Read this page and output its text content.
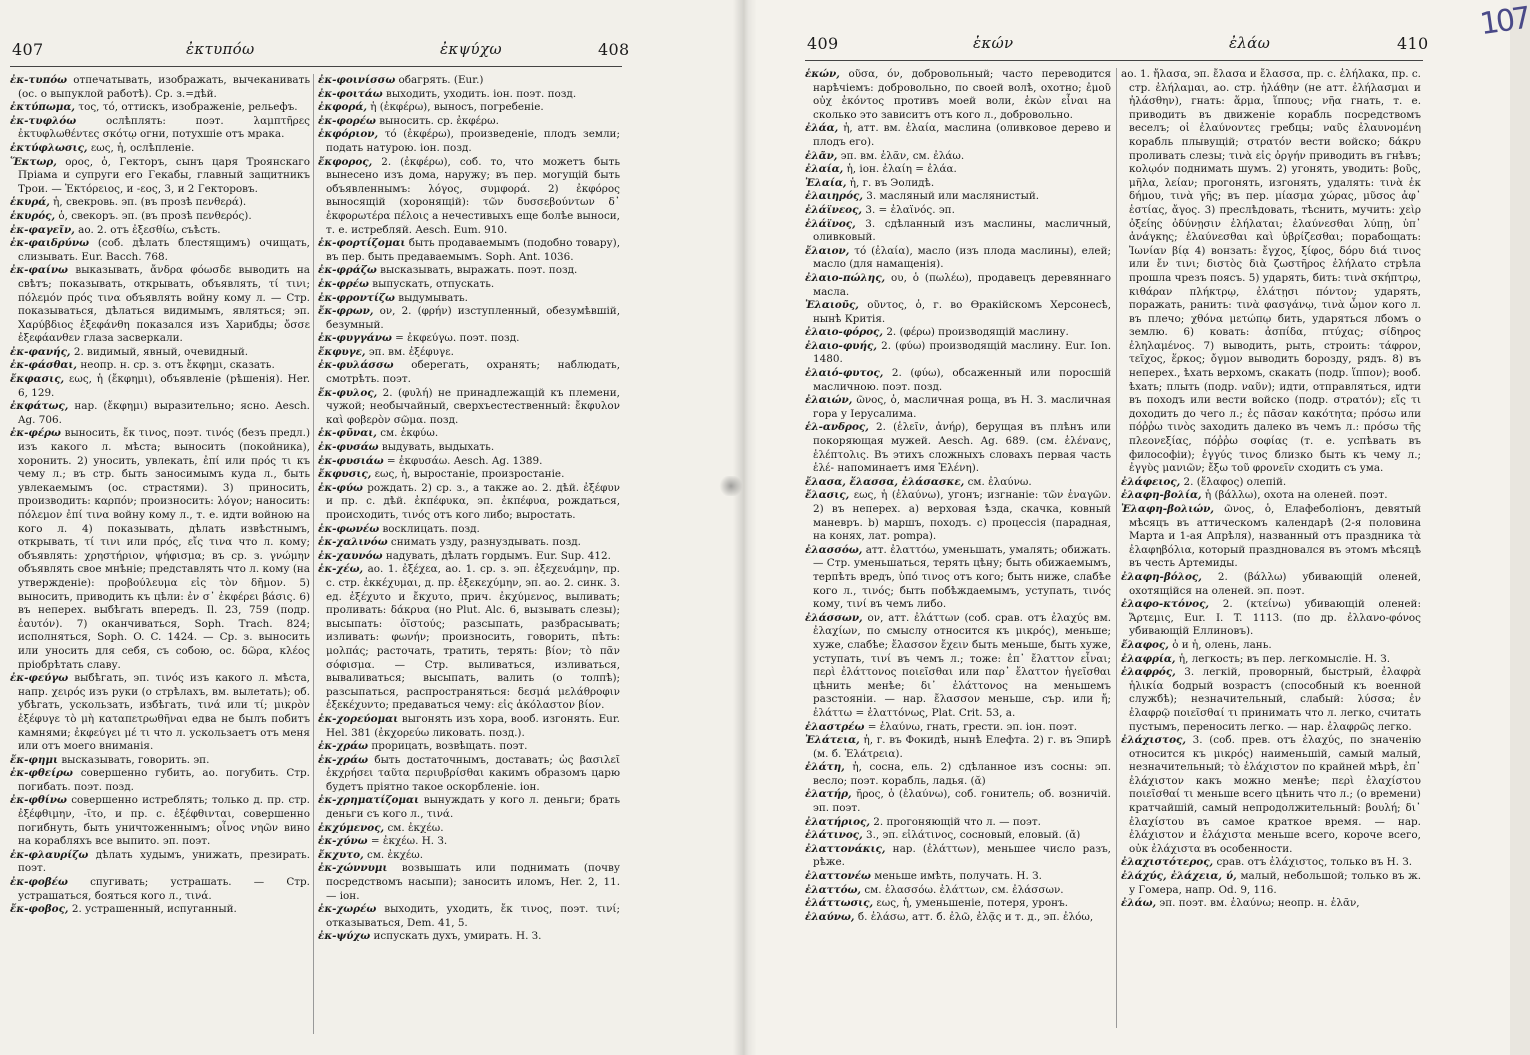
407	ἐκτυπόω	ἐκψύχω	408

ἐκ-τυπόω отпечатывать, изображать, вычеканивать (ос. о выпуклой работѣ). Ср. з.=дѣй.

ἐκτύπωμα, τος, τό, оттискъ, изображеніе, рельефъ.

ἐκ-τυφλόω	ослѣплять: поэт. λαμπτῆρες ἐκτυφλωθέντες σκότῳ огни, потухшіе отъ мрака.

ἐκτύφλωσις, εως, ἡ, ослѣпленіе.

Ἕκτωρ, ορος, ὁ, Гекторъ, сынъ царя Троянскаго Пріама и супруги его Гекабы, главный защитникъ Трои. — Ἑκτόρειος, и -εος, 3, и 2 Гекторовъ.

ἑκυρά, ἡ, свекровь. эп. (въ прозѣ πενθερά).

ἑκυρός, ὁ, свекоръ. эп. (въ прозѣ πενθερός).

ἐκ-φαγεῖν, ao. 2. отъ ἐξεσθίω, съѣсть.

ἐκ-φαιδρύνω (соб. дѣлать блестящимъ) очищать, слизывать. Eur. Bacch. 768.

ἐκ-φαίνω выказывать, ἄνδρα φόωσδε выводить на свѣтъ; показывать, открывать, объявлять, τί τινι; πόλεμόν πρός τινα объявлять войну кому л. — Стр. показываться, дѣлаться видимымъ, являться; эп. Χαρύβδιος ἐξεφάνθη показался изъ Харибды; ὄσσε ἐξεφάανθεν глаза засверкали.

ἐκ-φανής, 2. видимый, явный, очевидный.

ἐκ-φάσθαι, неопр. н. ср. з. отъ ἔκφημι, сказать.

ἔκφασις, εως, ἡ (ἔκφημι), объявленіе (рѣшенія). Her. 6, 129.

ἐκφάτως, нар. (ἔκφημι) выразительно; ясно. Aesch. Ag. 706.

ἐκ-φέρω выносить, ἔκ τινος, поэт. τινός (безъ предл.) изъ какого л. мѣста; выносить (покойника), хоронить. 2) уносить, увлекать, ἐπί или πρός τι къ чему л.; въ стр. быть заносимымъ куда л., быть увлекаемымъ (ос. страстями). 3) приносить, производить: καρπόν; произносить: λόγον; наносить: πόλεμον ἐπί τινα войну кому л., т. е. идти войною на кого л. 4) показывать, дѣлать извѣстнымъ, открывать, τί τινι или πρός, εἴς τινα что л. кому; объявлять: χρηστήριον, ψήφισμα; въ ср. з. γνώμην объявлять свое мнѣніе; представлять что л. кому (на утвержденіе): προβούλευμα εἰς τὸν δῆμον. 5) выносить, приводить къ цѣли: ἐν σ᾽ ἐκφέρει βάσις. 6) въ непереx. выбѣгать впередъ. Il. 23, 759 (подр. ἑαυτόν). 7) оканчиваться, Soph. Trach. 824; исполняться, Soph. O. C. 1424. — Ср. з. выносить или уносить для себя, съ собою, ос. δῶρα, κλέος пріобрѣтать славу.

ἐκ-φεύγω выбѣгать, эп. τινός изъ какого л. мѣста, напр. χειρός изъ руки (о стрѣлахъ, вм. вылетать); об. убѣгать, ускользать, избѣгать, τινά или τί; μικρὸν ἐξέφυγε τὸ μὴ καταπετρωθῆναι едва не былъ побитъ камнями; ἐκφεύγει μέ τι что л. ускользаетъ отъ меня или отъ моего вниманія.

ἔκ-φημι высказывать, говорить. эп.

ἐκ-φθείρω совершенно губить, ао. погубить. Стр. погибать. поэт. позд.

ἐκ-φθίνω совершенно истреблять; только д. пр. стр. ἐξέφθιμην, -ῖτο, и пр. с. ἐξέφθινται, совершенно погибнуть, быть уничтоженнымъ; οἶνος νηῶν вино на корабляхъ все выпито. эп. поэт.

ἐκ-φλαυρίζω дѣлать худымъ, унижать, презирать. поэт.

ἐκ-φοβέω спугивать; устрашать. — Стр. устрашаться, бояться кого л., τινά.

ἔκ-φοβος, 2. устрашенный, испуганный.

ἐκ-φοινίσσω обагрять. (Eur.)

ἐκ-φοιτάω выходить, уходить. іон. поэт. позд.

ἐκφορά, ἡ (ἐκφέρω), выносъ, погребеніе.

ἐκ-φορέω выносить. ср. ἐκφέρω.

ἐκφόριον, τό (ἐκφέρω), произведеніе, плодъ земли; подать натурою. іон. позд.

ἔκφορος, 2. (ἐκφέρω), соб. то, что можетъ быть вынесено изъ дома, наружу; въ пер. могущій быть объявленнымъ: λόγος, συμφορά. 2) ἐκφόρος выносящій (хоронящій): τῶν δυσσεβούντων δ᾽ ἐκφορωτέρα πέλοις а нечестивыхъ еще болѣе выноси, т. е. истребляй. Aesch. Eum. 910.

ἐκ-φορτίζομαι быть продаваемымъ (подобно товару), въ пер. быть предаваемымъ. Soph. Ant. 1036.

ἐκ-φράζω высказывать, выражать. поэт. позд.

ἐκ-φρέω выпускать, отпускать.

ἐκ-φροντίζω выдумывать.

ἔκ-φρων, ον, 2. (φρήν) изступленный, обезумѣвшій, безумный.

ἐκ-φυγγάνω = ἐκφεύγω. поэт. позд.

ἔκφυγε, эп. вм. ἐξέφυγε.

ἐκ-φυλάσσω оберегать, охранять; наблюдать, смотрѣть. поэт.

ἔκ-φυλος, 2. (φυλή) не принадлежащій къ племени, чужой; необычайный, сверхъестественный: ἔκφυλον καὶ φοβερὸν σῶμα. позд.

ἐκ-φῦναι, см. ἐκφύω.

ἐκ-φυσάω выдувать, выдыхать.

ἐκ-φυσιάω = ἐκφυσάω. Aesch. Ag. 1389.

ἔκφυσις, εως, ἡ, выростаніе, произростаніе.

ἐκ-φύω рождать. 2) ср. з., а также ао. 2. дѣй. ἐξέφυν и пр. с. дѣй. ἐκπέφυκα, эп. ἐκπέφυα, рождаться, происходить, τινός отъ кого либо; выростать.

ἐκ-φωνέω восклицать. позд.

ἐκ-χαλινόω снимать узду, разнуздывать. позд.

ἐκ-χαυνόω надувать, дѣлать гордымъ. Eur. Sup. 412.

ἐκ-χέω, ао. 1. ἐξέχεα, ао. 1. ср. з. эп. ἐξεχευάμην, пр. с. стр. ἐκκέχυμαι, д. пр. ἐξεκεχύμην, эп. ао. 2. синк. 3. ед. ἐξέχυτο и ἔκχυτο, прич. ἐκχύμενος, выливать; проливать: δάκρυα (но Plut. Alc. 6, вызывать слезы); высыпать: ὀϊστούς; разсыпать, разбрасывать; изливать: φωνήν; произносить, говорить, пѣть: μολπάς; расточать, тратить, терять: βίον; τὸ πᾶν σόφισμα. — Стр. выливаться, изливаться, вываливаться; высыпать, валить (о толпѣ); разсыпаться, распространяться: δεσμά μελάθροφιν ἐξεκέχυντο; предаваться чему: εἰς ἀκόλαστον βίον.

ἐκ-χορεύομαι выгонять изъ хора, вооб. изгонять. Eur. Hel. 381 (ἐκχορεύω ликовать. позд.).

ἐκ-χράω прорицать, возвѣщать. поэт.

ἐκ-χράω быть достаточнымъ, доставать; ὡς βασιλεῖ ἐκχρήσει ταῦτα περιυβρίσθαι какимъ образомъ царю будетъ пріятно такое оскорбленіе. іон.

ἐκ-χρηματίζομαι вынуждать у кого л. деньги; брать деньги съ кого л., τινά.

ἐκχύμενος, см. ἐκχέω.

ἐκ-χύνω = ἐκχέω. Н. З.

ἔκχυτο, см. ἐκχέω.

ἐκ-χώννυμι возвышать или поднимать (почву посредствомъ насыпи); заносить иломъ, Her. 2, 11. — іон.

ἐκ-χωρέω выходить, уходить, ἔκ τινος, поэт. τινί; отказываться, Dem. 41, 5.

ἐκ-ψύχω испускать духъ, умирать. Н. З.

409	ἑκών	ἐλάω	410

ἑκών, οῦσα, όν, добровольный; часто переводится нарѣчіемъ: добровольно, по своей волѣ, охотно; ἐμοῦ οὐχ ἑκόντος противъ моей воли, ἑκὼν εἶναι на сколько это зависитъ отъ кого л., добровольно.

ἐλάα, ἡ, атт. вм. ἐλαία, маслина (оливковое дерево и плодъ его).

ἐλᾶν, эп. вм. ἐλᾶν, см. ἐλάω.

ἐλαία, ἡ, іон. ἐλαίη = ἐλάα.

Ἐλαία, ἡ, г. въ Эолидѣ.

ἐλαιηρός, 3. масляный или маслянистый.

ἐλάϊνεος, 3. = ἐλαϊνός. эп.

ἐλάϊνος, 3. сдѣланный изъ маслины, масличный, оливковый.

ἔλαιον, τό (ἐλαία), масло (изъ плода маслины), елей; масло (для намащенія).

ἐλαιο-πώλης, ου, ὁ (πωλέω), продавецъ деревяннаго масла.

Ἐλαιοῦς, οῦντος, ὁ, г. во Ѳракійскомъ Херсонесѣ, нынѣ Критія.

ἐλαιο-φόρος, 2. (φέρω) производящій маслину.

ἐλαιο-φυής, 2. (φύω) производящій маслину. Eur. Ion. 1480.

ἐλαιό-φυτος, 2. (φύω), обсаженный или поросшій масличною. поэт. позд.

ἐλαιών, ῶνος, ὁ, масличная роща, въ Н. З. масличная гора у Іерусалима.

ἑλ-ανδρος, 2. (ἑλεῖν, ἀνήρ), берущая въ плѣнъ или покоряющая мужей. Aesch. Ag. 689. (см. ἑλένανς, ἑλέπτολις. Въ этихъ сложныхъ словахъ первая часть ἑλέ- напоминаетъ имя Ἑλένη).

ἔλασα, ἔλασσα, ἐλάσασκε, см. ἐλαύνω.

ἔλασις, εως, ἡ (ἐλαύνω), угонъ; изгнаніе: τῶν ἐναγῶν. 2) въ непереx. а) верховая ѣзда, скачка, ковный маневръ. b) маршъ, походъ. c) процессія (парадная, на конях, лат. pompa).

ἐλασσόω, атт. ἐλαττόω, уменьшать, умалять; обижать. — Стр. уменьшаться, терять цѣну; быть обижаемымъ, терпѣть вредъ, ὑπό τινος отъ кого; быть ниже, слабѣе кого л., τινός; быть побѣждаемымъ, уступать, τινός кому, τινί въ чемъ либо.

ἐλάσσων, ον, атт. ἐλάττων (соб. срав. отъ ἐλαχύς вм. ἐλαχίων, по смыслу относится къ μικρός), меньше; хуже, слабѣе; ἔλασσον ἔχειν быть меньше, быть хуже, уступать, τινί въ чемъ л.; тоже: ἐπ᾽ ἔλαττον εἶναι; περὶ ἐλάττονος ποιεῖσθαι или παρ᾽ ἔλαττον ἡγεῖσθαι цѣнить менѣе; δι᾽ ἐλάττονος на меньшемъ разстояніи. — нар. ἔλασσον меньше, сър. или ἤ; ἐλάττω = ἐλαττόνως, Plat. Crit. 53, а.

ἐλαστρέω = ἐλαύνω, гнать, грести. эп. іон. поэт.

Ἐλάτεια, ἡ, г. въ Фокидѣ, нынѣ Елефта. 2) г. въ Эпирѣ (м. б. Ἐλάτρεια).

ἐλάτη, ἡ, сосна, ель. 2) сдѣланное изъ сосны: эп. весло; поэт. корабль, ладья. (ᾰ)

ἐλατήρ, ῆρος, ὁ (ἐλαύνω), соб. гонитель; об. возничій. эп. поэт.

ἐλατήριος, 2. прогоняющій что л. — поэт.

ἐλάτινος, 3., эп. εἰλάτινος, сосновый, еловый. (ᾰ)

ἐλαττονάκις, нар. (ἐλάττων), меньшее число разъ, рѣже.

ἐλαττονέω меньше имѣть, получать. Н. З.

ἐλαττόω, см. ἐλασσόω. ἐλάττων, см. ἐλάσσων.

ἐλάττωσις, εως, ἡ, уменьшеніе, потеря, уронъ.

ἐλαύνω, б. ἐλάσω, атт. б. ἐλῶ, ἐλᾷς и т. д., эп. ἐλόω,

ао. 1. ἤλασα, эп. ἔλασα и ἔλασσα, пр. с. ἐλήλακα, пр. с. стр. ἐλήλαμαι, ао. стр. ἠλάθην (не атт. ἐλήλασμαι и ἠλάσθην), гнать: ἅρμα, ἵππους; νῆα гнать, т. е. приводить въ движеніе корабль посредствомъ веселъ; οἱ ἐλαύνοντες гребцы; ναῦς ἐλαυνομένη корабль плывущій; στρατόν вести войско; δάκρυ проливать слезы; τινὰ εἰς ὀργήν приводить въ гнѣвъ; κολῳόν поднимать шумъ. 2) угонять, уводить: βοῦς, μῆλα, λείαν; прогонять, изгонять, удалять: τινὰ ἐκ δήμου, τινὰ γῆς; въ пер. μίασμα χώρας, μῦσος ἀφ᾽ ἑστίας, ἄγος. 3) преслѣдовать, тѣснить, мучить: χεὶρ ὀξείης ὀδύνῃσιν ἐλήλαται; ἐλαύνεσθαι λύπῃ, ὑπ᾽ ἀνάγκης; ἐλαύνεσθαι καὶ ὑβρίζεσθαι; порабощать: Ἰωνίαν βίᾳ 4) вонзать: ἔγχος, ξίφος, δόρυ διά τινος или ἔν τινι; διστὸς διὰ ζωστῆρος ἐλήλατο стрѣла прошла чрезъ поясъ. 5) ударять, бить: τινὰ σκήπτρῳ, κιθάραν πλήκτρῳ, ἐλάτῃσι πόντον; ударять, поражать, ранить: τινὰ φασγάνῳ, τινὰ ὦμον кого л. въ плечо; χθόνα μετώπῳ бить, ударяться лбомъ о землю. 6) ковать: ἀσπίδα, πτύχας; σίδηρος ἐληλαμένος. 7) выводить, рыть, строить: τάφρον, τεῖχος, ἕρκος; ὄγμον выводить борозду, рядъ. 8) въ непереx., ѣхать верхомъ, скакать (подр. ἵππον); вооб. ѣхать; плыть (подр. ναῦν); идти, отправляться, идти въ походъ или вести войско (подр. στρατόν); εἴς τι доходить до чего л.; ἐς πᾶσαν κακότητα; πρόσω или πόῤῥω τινὸς заходить далеко въ чемъ л.: πρόσω τῆς πλεονεξίας, πόῤῥω σοφίας (т. е. успѣвать въ философіи); ἐγγύς τινος близко быть къ чему л.; ἐγγὺς μανιῶν; ἔξω τοῦ φρονεῖν сходить съ ума.

ἐλάφειος, 2. (ἔλαφος) олепій.

ἐλαφη-βολία, ἡ (βάλλω), охота на оленей. поэт.

Ἐλαφη-βολιών, ῶνος, ὁ, Елафеболіонъ, девятый мѣсяцъ въ аттическомъ календарѣ (2-я половина Марта и 1-ая Апрѣля), названный отъ праздника τὰ ἐλαφηβόλια, который праздновался въ этомъ мѣсяцѣ въ честь Артемиды.

ἐλαφη-βόλος, 2. (βάλλω) убивающій оленей, охотящійся на оленей. эп. поэт.

ἐλαφο-κτόνος, 2. (κτείνω) убивающій оленей: Ἄρτεμις, Eur. I. T. 1113. (по др. ἐλλανο-φόνος убивающій Еллиновъ).

ἔλαφος, ὁ и ἡ, олень, лань.

ἐλαφρία, ἡ, легкость; въ пер. легкомысліе. Н. З.

ἐλαφρός, 3. легкій, проворный, быстрый, ἐλαφρὰ ἡλικία бодрый возрастъ (способный къ военной службѣ); незначительный, слабый: λύσσα; ἐν ἐλαφρῷ ποιεῖσθαί τι принимать что л. легко, считать пустымъ, переносить легко. — нар. ἐλαφρῶς легко.

ἐλάχιστος, 3. (соб. прев. отъ ἐλαχύς, по значенію относится къ μικρός) наименьшій, самый малый, незначительный; τὸ ἐλάχιστον по крайней мѣрѣ, ἐπ᾽ ἐλάχιστον какъ можно менѣе; περὶ ἐλαχίστου ποιεῖσθαί τι меньше всего цѣнить что л.; (о времени) кратчайшій, самый непродолжительный: βουλή; δι᾽ ἐλαχίστου въ самое краткое время. — нар. ἐλάχιστον и ἐλάχιστα меньше всего, короче всего, οὐκ ἐλάχιστα въ особенности.

ἐλαχιστότερος, срав. отъ ἐλάχιστος, только въ Н. З.

ἐλάχύς, ἐλάχεια, ύ, малый, небольшой; только въ ж. у Гомера, напр. Od. 9, 116.

ἐλάω, эп. поэт. вм. ἐλαύνω; неопр. н. ἐλᾶν,

107
